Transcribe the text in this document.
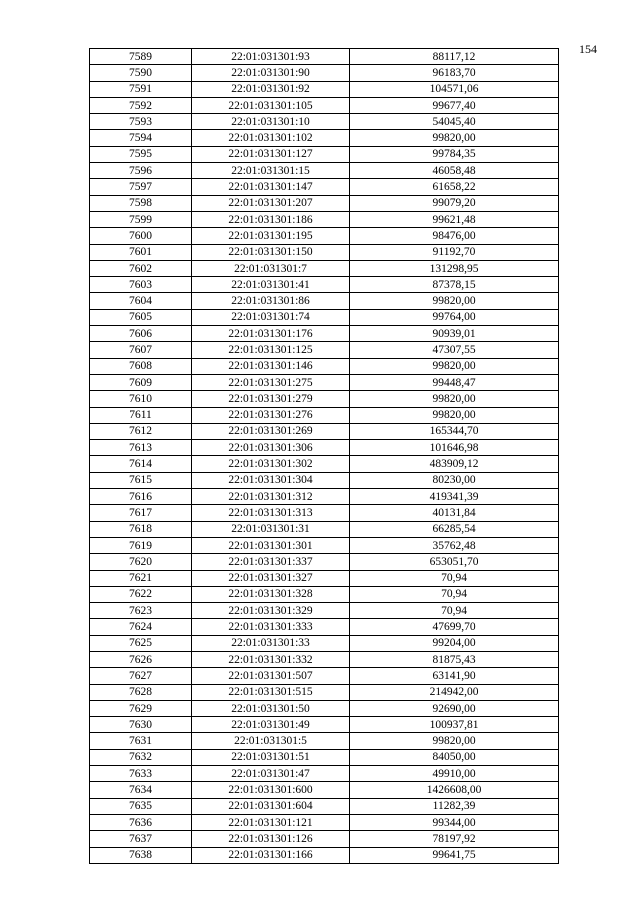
154
7589	22:01:031301:93	88117,12
7590	22:01:031301:90	96183,70
7591	22:01:031301:92	104571,06
7592	22:01:031301:105	99677,40
7593	22:01:031301:10	54045,40
7594	22:01:031301:102	99820,00
7595	22:01:031301:127	99784,35
7596	22:01:031301:15	46058,48
7597	22:01:031301:147	61658,22
7598	22:01:031301:207	99079,20
7599	22:01:031301:186	99621,48
7600	22:01:031301:195	98476,00
7601	22:01:031301:150	91192,70
7602	22:01:031301:7	131298,95
7603	22:01:031301:41	87378,15
7604	22:01:031301:86	99820,00
7605	22:01:031301:74	99764,00
7606	22:01:031301:176	90939,01
7607	22:01:031301:125	47307,55
7608	22:01:031301:146	99820,00
7609	22:01:031301:275	99448,47
7610	22:01:031301:279	99820,00
7611	22:01:031301:276	99820,00
7612	22:01:031301:269	165344,70
7613	22:01:031301:306	101646,98
7614	22:01:031301:302	483909,12
7615	22:01:031301:304	80230,00
7616	22:01:031301:312	419341,39
7617	22:01:031301:313	40131,84
7618	22:01:031301:31	66285,54
7619	22:01:031301:301	35762,48
7620	22:01:031301:337	653051,70
7621	22:01:031301:327	70,94
7622	22:01:031301:328	70,94
7623	22:01:031301:329	70,94
7624	22:01:031301:333	47699,70
7625	22:01:031301:33	99204,00
7626	22:01:031301:332	81875,43
7627	22:01:031301:507	63141,90
7628	22:01:031301:515	214942,00
7629	22:01:031301:50	92690,00
7630	22:01:031301:49	100937,81
7631	22:01:031301:5	99820,00
7632	22:01:031301:51	84050,00
7633	22:01:031301:47	49910,00
7634	22:01:031301:600	1426608,00
7635	22:01:031301:604	11282,39
7636	22:01:031301:121	99344,00
7637	22:01:031301:126	78197,92
7638	22:01:031301:166	99641,75
